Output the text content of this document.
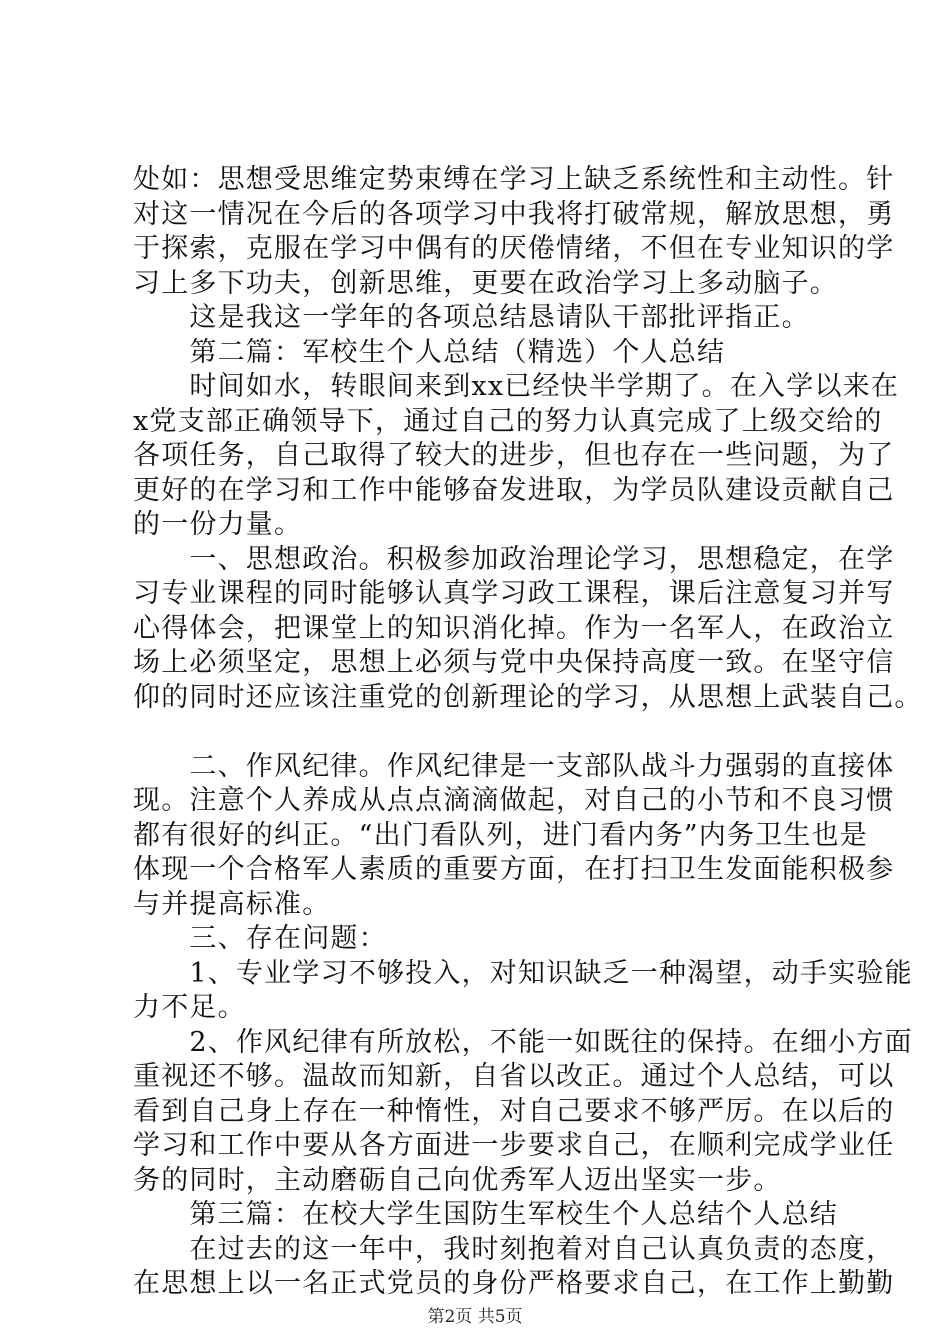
处如：思想受思维定势束缚在学习上缺乏系统性和主动性。针
对这一情况在今后的各项学习中我将打破常规，解放思想，勇
于探索，克服在学习中偶有的厌倦情绪，不但在专业知识的学
习上多下功夫，创新思维，更要在政治学习上多动脑子。
　　这是我这一学年的各项总结恳请队干部批评指正。
　　第二篇：军校生个人总结（精选）个人总结
　　时间如水，转眼间来到xx已经快半学期了。在入学以来在
x党支部正确领导下，通过自己的努力认真完成了上级交给的
各项任务，自己取得了较大的进步，但也存在一些问题，为了
更好的在学习和工作中能够奋发进取，为学员队建设贡献自己
的一份力量。
　　一、思想政治。积极参加政治理论学习，思想稳定，在学
习专业课程的同时能够认真学习政工课程，课后注意复习并写
心得体会，把课堂上的知识消化掉。作为一名军人，在政治立
场上必须坚定，思想上必须与党中央保持高度一致。在坚守信
仰的同时还应该注重党的创新理论的学习，从思想上武装自己。
　　二、作风纪律。作风纪律是一支部队战斗力强弱的直接体
现。注意个人养成从点点滴滴做起，对自己的小节和不良习惯
都有很好的纠正。“出门看队列，进门看内务”内务卫生也是
体现一个合格军人素质的重要方面，在打扫卫生发面能积极参
与并提高标准。
　　三、存在问题：
　　1、专业学习不够投入，对知识缺乏一种渴望，动手实验能
力不足。
　　2、作风纪律有所放松，不能一如既往的保持。在细小方面
重视还不够。温故而知新，自省以改正。通过个人总结，可以
看到自己身上存在一种惰性，对自己要求不够严厉。在以后的
学习和工作中要从各方面进一步要求自己，在顺利完成学业任
务的同时，主动磨砺自己向优秀军人迈出坚实一步。
　　第三篇：在校大学生国防生军校生个人总结个人总结
　　在过去的这一年中，我时刻抱着对自己认真负责的态度，
在思想上以一名正式党员的身份严格要求自己，在工作上勤勤
第2页 共5页
